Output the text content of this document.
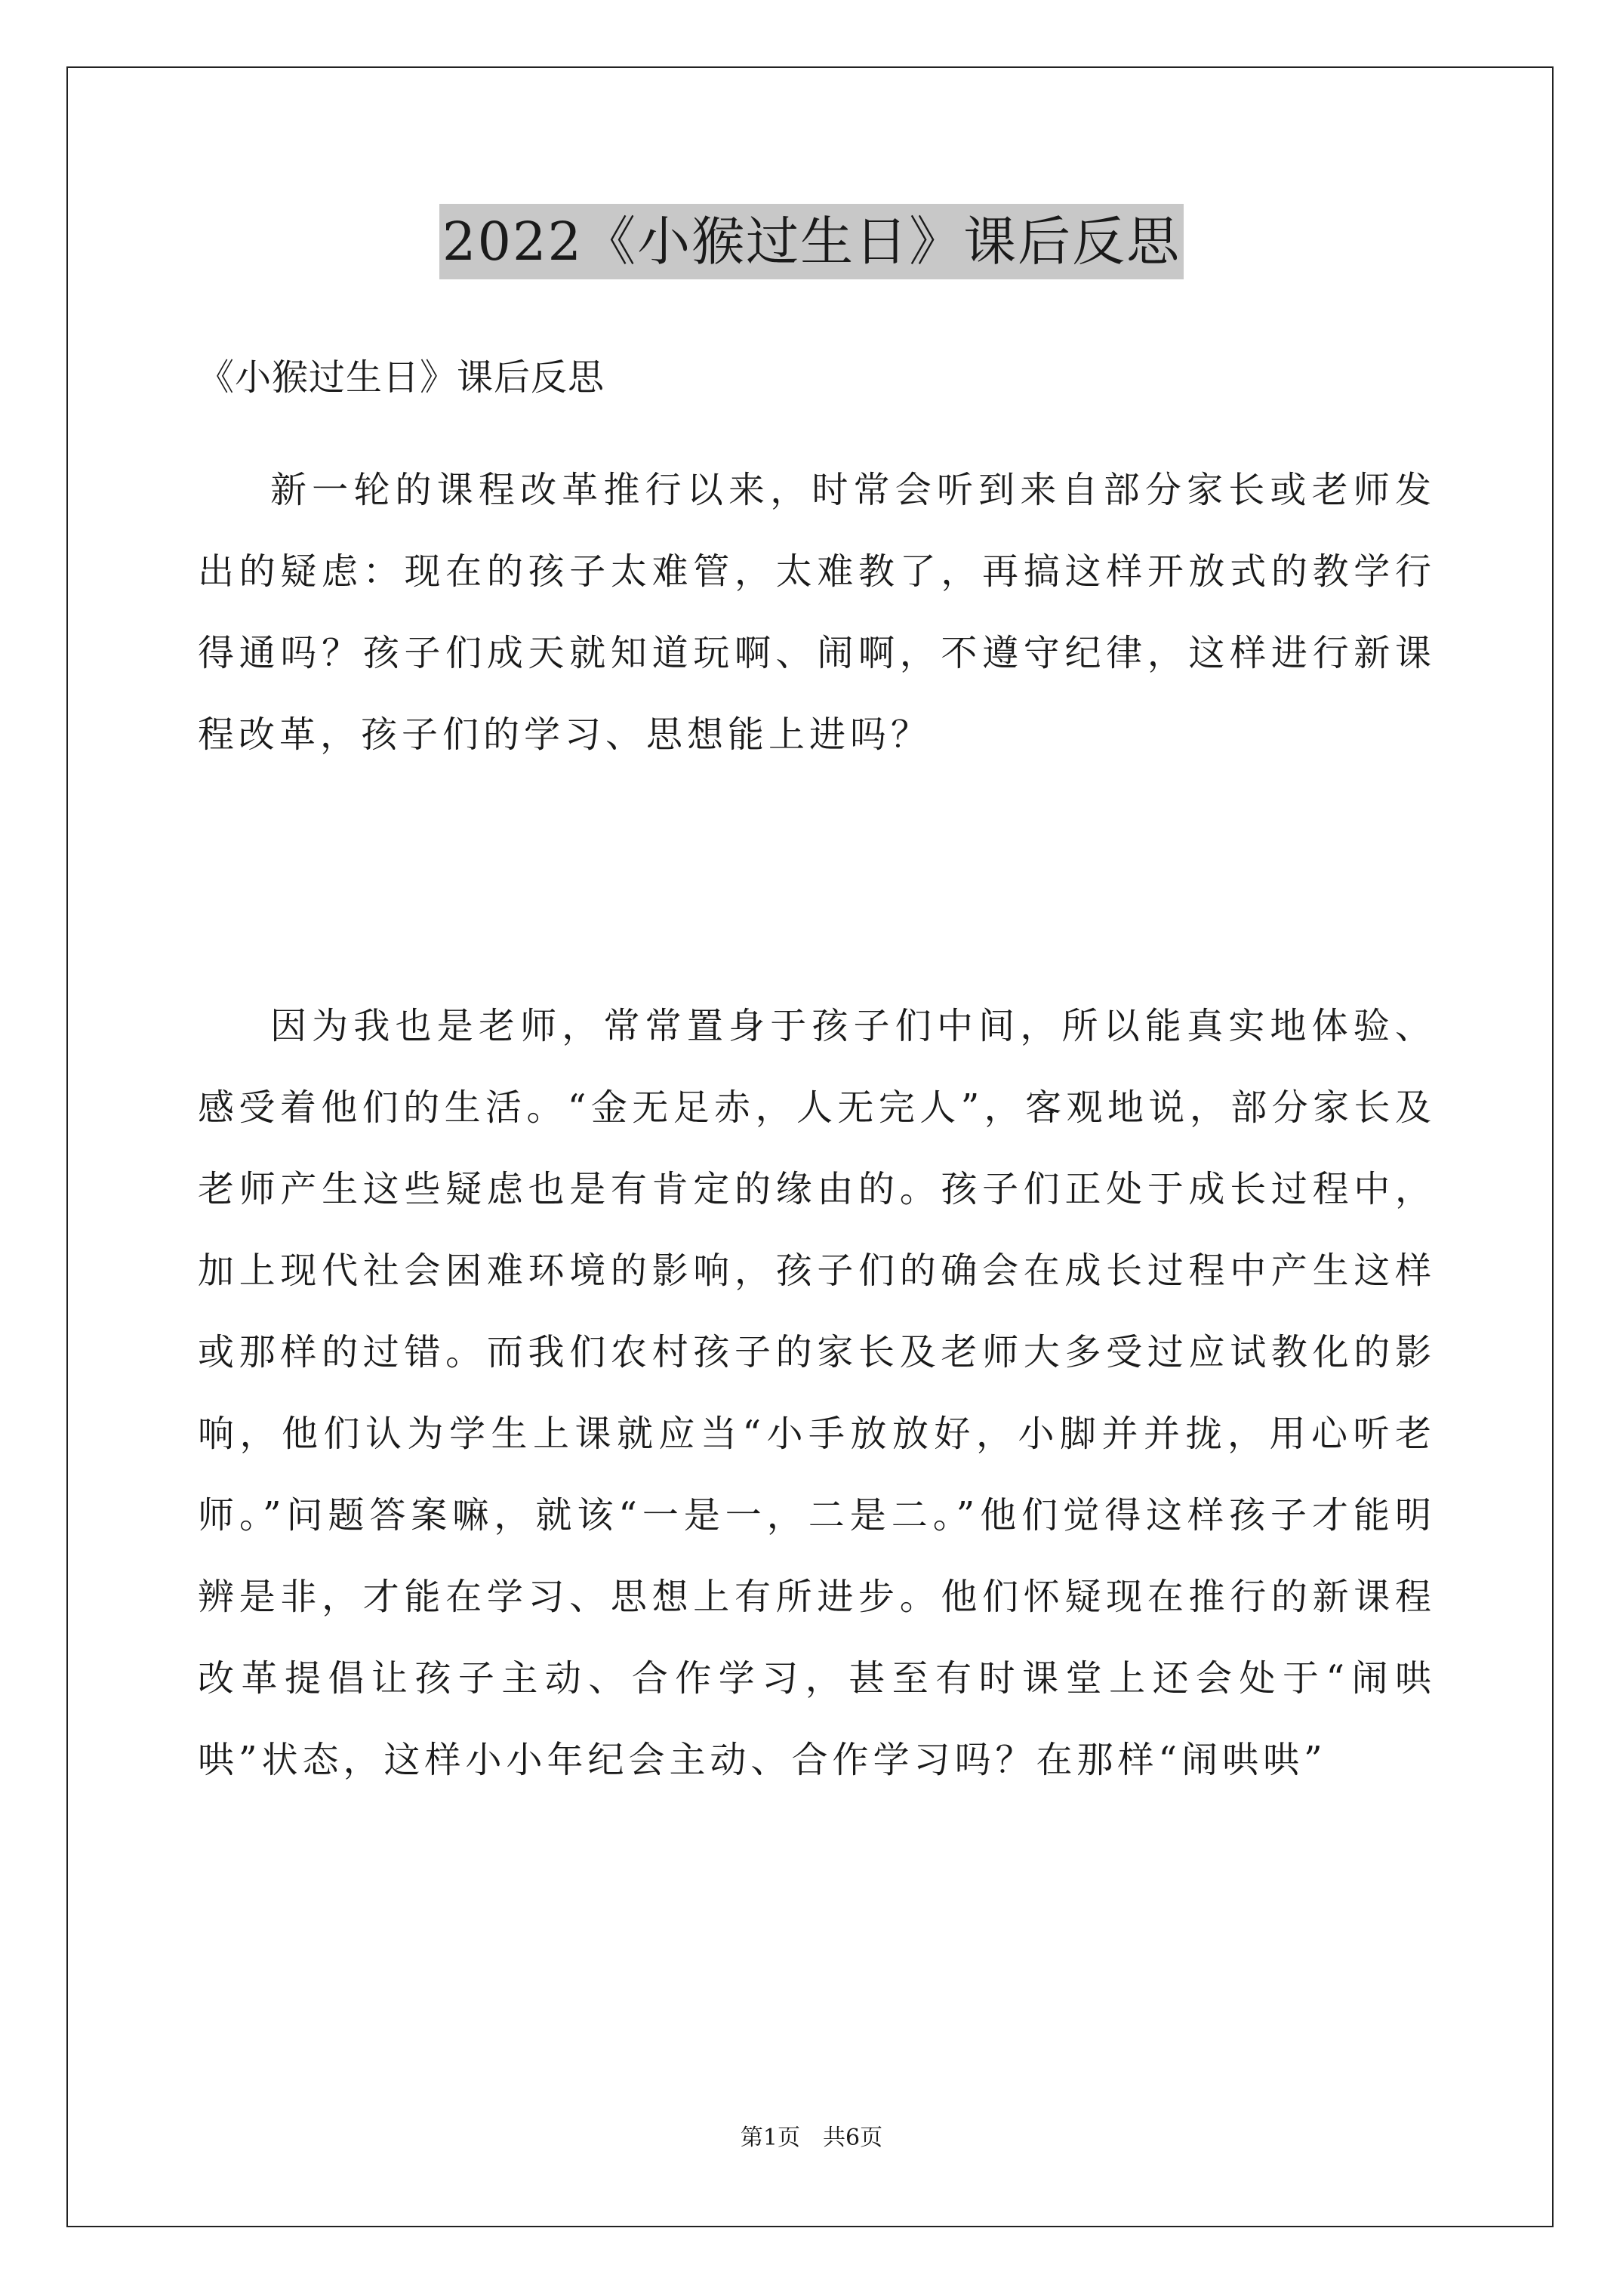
2022《小猴过生日》课后反思

《小猴过生日》课后反思

新一轮的课程改革推行以来，时常会听到来自部分家长或老师发出的疑虑：现在的孩子太难管，太难教了，再搞这样开放式的教学行得通吗？孩子们成天就知道玩啊、闹啊，不遵守纪律，这样进行新课程改革，孩子们的学习、思想能上进吗？

因为我也是老师，常常置身于孩子们中间，所以能真实地体验、感受着他们的生活。“金无足赤，人无完人”，客观地说，部分家长及老师产生这些疑虑也是有肯定的缘由的。孩子们正处于成长过程中，加上现代社会困难环境的影响，孩子们的确会在成长过程中产生这样或那样的过错。而我们农村孩子的家长及老师大多受过应试教化的影响，他们认为学生上课就应当“小手放放好，小脚并并拢，用心听老师。”问题答案嘛，就该“一是一，二是二。”他们觉得这样孩子才能明辨是非，才能在学习、思想上有所进步。他们怀疑现在推行的新课程改革提倡让孩子主动、合作学习，甚至有时课堂上还会处于“闹哄哄”状态，这样小小年纪会主动、合作学习吗？在那样“闹哄哄”

第1页　共6页
